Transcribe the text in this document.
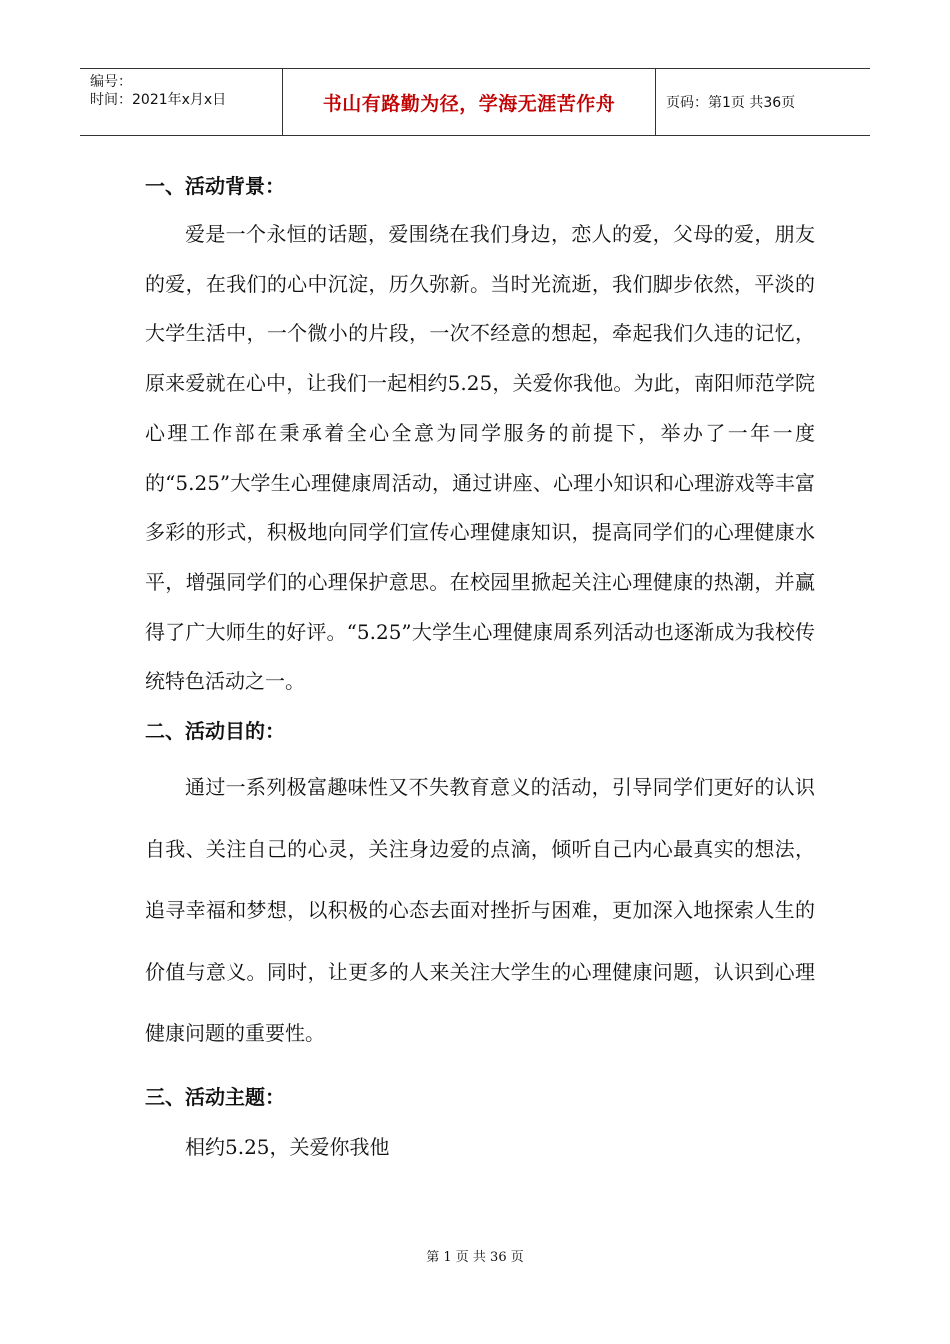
编号：
时间：2021年x月x日	书山有路勤为径，学海无涯苦作舟	页码：第1页 共36页
一、活动背景：

爱是一个永恒的话题，爱围绕在我们身边，恋人的爱，父母的爱，朋友的爱，在我们的心中沉淀，历久弥新。当时光流逝，我们脚步依然，平淡的大学生活中，一个微小的片段，一次不经意的想起，牵起我们久违的记忆，原来爱就在心中，让我们一起相约5.25，关爱你我他。为此，南阳师范学院心理工作部在秉承着全心全意为同学服务的前提下，举办了一年一度的“5.25”大学生心理健康周活动，通过讲座、心理小知识和心理游戏等丰富多彩的形式，积极地向同学们宣传心理健康知识，提高同学们的心理健康水平，增强同学们的心理保护意思。在校园里掀起关注心理健康的热潮，并赢得了广大师生的好评。“5.25”大学生心理健康周系列活动也逐渐成为我校传统特色活动之一。

二、活动目的：

通过一系列极富趣味性又不失教育意义的活动，引导同学们更好的认识自我、关注自己的心灵，关注身边爱的点滴，倾听自己内心最真实的想法，追寻幸福和梦想，以积极的心态去面对挫折与困难，更加深入地探索人生的价值与意义。同时，让更多的人来关注大学生的心理健康问题，认识到心理健康问题的重要性。

三、活动主题：

相约5.25，关爱你我他

第 1 页 共 36 页
